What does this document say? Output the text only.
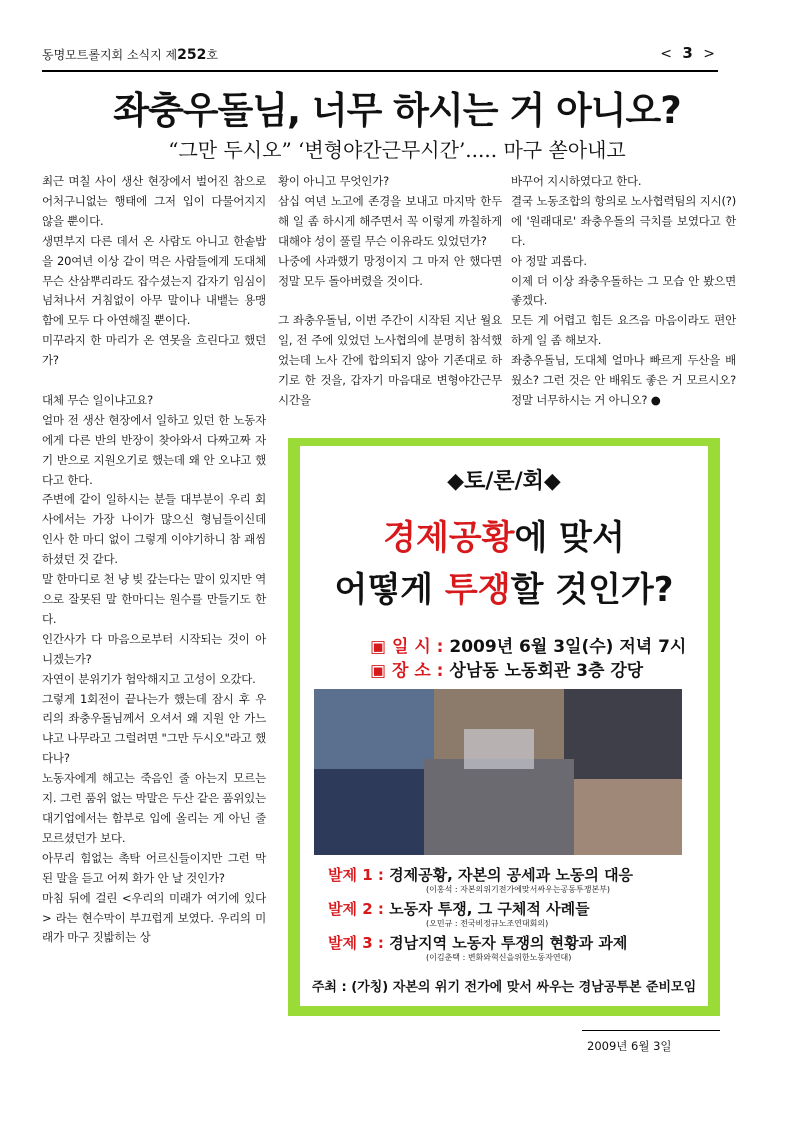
동명모트롤지회 소식지 제252호	< 3 >
좌충우돌님, 너무 하시는 거 아니오?
“그만 두시오” ‘변형야간근무시간’..... 마구 쏟아내고

최근 며칠 사이 생산 현장에서 벌어진 참으로 어처구니없는 행태에 그저 입이 다물어지지 않을 뿐이다.

생면부지 다른 데서 온 사람도 아니고 한솥밥을 20여년 이상 같이 먹은 사람들에게 도대체 무슨 산삼뿌리라도 잡수셨는지 갑자기 임심이 넘쳐나서 거침없이 아무 말이나 내뱉는 용맹함에 모두 다 아연해질 뿐이다.

미꾸라지 한 마리가 온 연못을 흐린다고 했던가?

대체 무슨 일이냐고요?

얼마 전 생산 현장에서 일하고 있던 한 노동자에게 다른 반의 반장이 찾아와서 다짜고짜 자기 반으로 지원오기로 했는데 왜 안 오냐고 했다고 한다.

주변에 같이 일하시는 분들 대부분이 우리 회사에서는 가장 나이가 많으신 형님들이신데 인사 한 마디 없이 그렇게 이야기하니 참 괘씸하셨던 것 같다.

말 한마디로 천 냥 빚 갚는다는 말이 있지만 역으로 잘못된 말 한마디는 원수를 만들기도 한다.

인간사가 다 마음으로부터 시작되는 것이 아니겠는가?

자연이 분위기가 험악해지고 고성이 오갔다.

그렇게 1회전이 끝나는가 했는데 잠시 후 우리의 좌충우돌님께서 오셔서 왜 지원 안 가느냐고 나무라고 그럴려면 "그만 두시오"라고 했다나?

노동자에게 해고는 죽음인 줄 아는지 모르는지. 그런 품위 없는 막말은 두산 같은 품위있는 대기업에서는 함부로 입에 올리는 게 아닌 줄 모르셨던가 보다.

아무리 힘없는 촉탁 어르신들이지만 그런 막된 말을 듣고 어찌 화가 안 날 것인가?

마침 뒤에 걸린 <우리의 미래가 여기에 있다> 라는 현수막이 부끄럽게 보였다. 우리의 미래가 마구 짓밟히는 상

황이 아니고 무엇인가?

삼십 여년 노고에 존경을 보내고 마지막 한두 해 일 좀 하시게 해주면서 꼭 이렇게 까칠하게 대해야 성이 풀릴 무슨 이유라도 있었던가?

나중에 사과했기 망정이지 그 마저 안 했다면 정말 모두 돌아버렸을 것이다.

그 좌충우돌님, 이번 주간이 시작된 지난 월요일, 전 주에 있었던 노사협의에 분명히 참석했었는데 노사 간에 합의되지 않아 기존대로 하기로 한 것을, 갑자기 마음대로 변형야간근무 시간을

바꾸어 지시하였다고 한다.

결국 노동조합의 항의로 노사협력팀의 지시(?)에 '원래대로' 좌충우돌의 극치를 보였다고 한다.

아 정말 괴롭다.

이제 더 이상 좌충우돌하는 그 모습 안 봤으면 좋겠다.

모든 게 어렵고 힘든 요즈음 마음이라도 편안하게 일 좀 해보자.

좌충우돌님, 도대체 얼마나 빠르게 두산을 배웠소? 그런 것은 안 배워도 좋은 거 모르시오? 정말 너무하시는 거 아니오? ●

◆토/론/회◆
경제공황에 맞서
어떻게 투쟁할 것인가?
▣ 일 시 : 2009년 6월 3일(수) 저녁 7시
▣ 장 소 : 상남동 노동회관 3층 강당
발제 1 : 경제공황, 자본의 공세과 노동의 대응
(이홍석 : 자본의위기전가에맞서싸우는공동투쟁본부)
발제 2 : 노동자 투쟁, 그 구체적 사례들
(오민규 : 전국비정규노조연대회의)
발제 3 : 경남지역 노동자 투쟁의 현황과 과제
(이김춘택 : 변화와혁신을위한노동자연대)
주최 : (가칭) 자본의 위기 전가에 맞서 싸우는 경남공투본 준비모임
2009년 6월 3일
